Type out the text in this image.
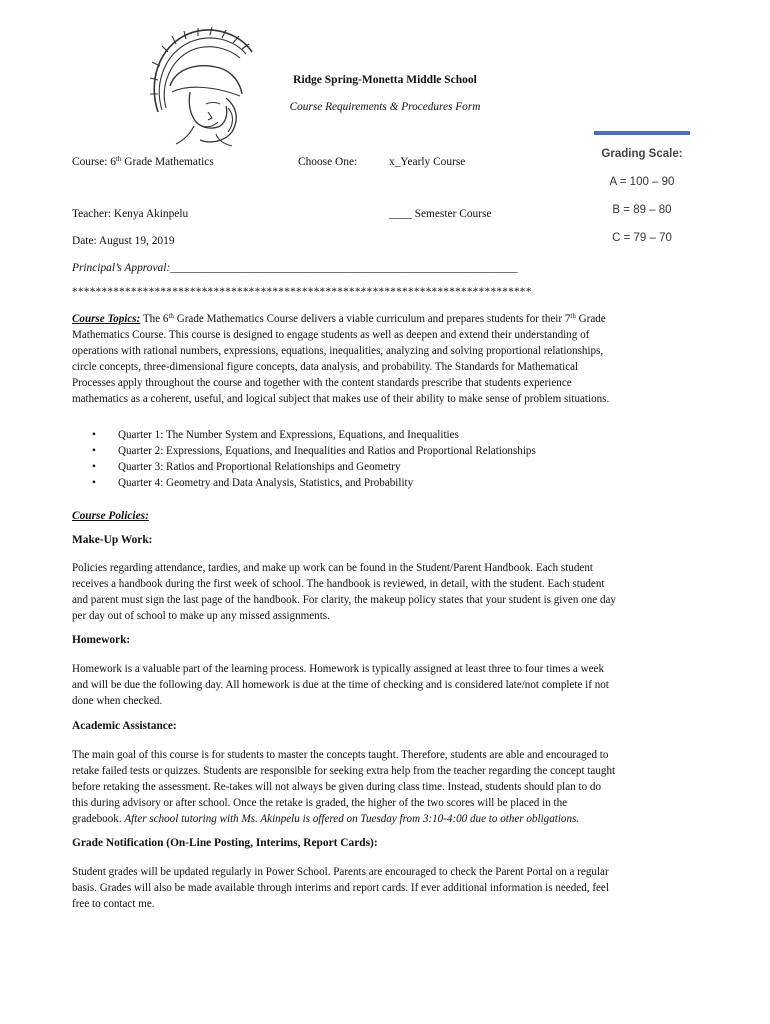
Ridge Spring-Monetta Middle School
Course Requirements & Procedures Form
Grading Scale:
A = 100 – 90
B = 89 – 80
C = 79 – 70
Course: 6th Grade Mathematics	Choose One:	x_Yearly Course
Teacher: Kenya Akinpelu	____ Semester Course
Date: August 19, 2019
Principal’s Approval:_____________________________________________________________
******************************************************************************
Course Topics: The 6th Grade Mathematics Course delivers a viable curriculum and prepares students for their 7th Grade
Mathematics Course. This course is designed to engage students as well as deepen and extend their understanding of
operations with rational numbers, expressions, equations, inequalities, analyzing and solving proportional relationships,
circle concepts, three-dimensional figure concepts, data analysis, and probability. The Standards for Mathematical
Processes apply throughout the course and together with the content standards prescribe that students experience
mathematics as a coherent, useful, and logical subject that makes use of their ability to make sense of problem situations.
• Quarter 1: The Number System and Expressions, Equations, and Inequalities
• Quarter 2: Expressions, Equations, and Inequalities and Ratios and Proportional Relationships
• Quarter 3: Ratios and Proportional Relationships and Geometry
• Quarter 4: Geometry and Data Analysis, Statistics, and Probability
Course Policies:
Make-Up Work:
Policies regarding attendance, tardies, and make up work can be found in the Student/Parent Handbook. Each student
receives a handbook during the first week of school. The handbook is reviewed, in detail, with the student. Each student
and parent must sign the last page of the handbook. For clarity, the makeup policy states that your student is given one day
per day out of school to make up any missed assignments.
Homework:
Homework is a valuable part of the learning process. Homework is typically assigned at least three to four times a week
and will be due the following day. All homework is due at the time of checking and is considered late/not complete if not
done when checked.
Academic Assistance:
The main goal of this course is for students to master the concepts taught. Therefore, students are able and encouraged to
retake failed tests or quizzes. Students are responsible for seeking extra help from the teacher regarding the concept taught
before retaking the assessment. Re-takes will not always be given during class time. Instead, students should plan to do
this during advisory or after school. Once the retake is graded, the higher of the two scores will be placed in the
gradebook. After school tutoring with Ms. Akinpelu is offered on Tuesday from 3:10-4:00 due to other obligations.
Grade Notification (On-Line Posting, Interims, Report Cards):
Student grades will be updated regularly in Power School. Parents are encouraged to check the Parent Portal on a regular
basis. Grades will also be made available through interims and report cards. If ever additional information is needed, feel
free to contact me.
